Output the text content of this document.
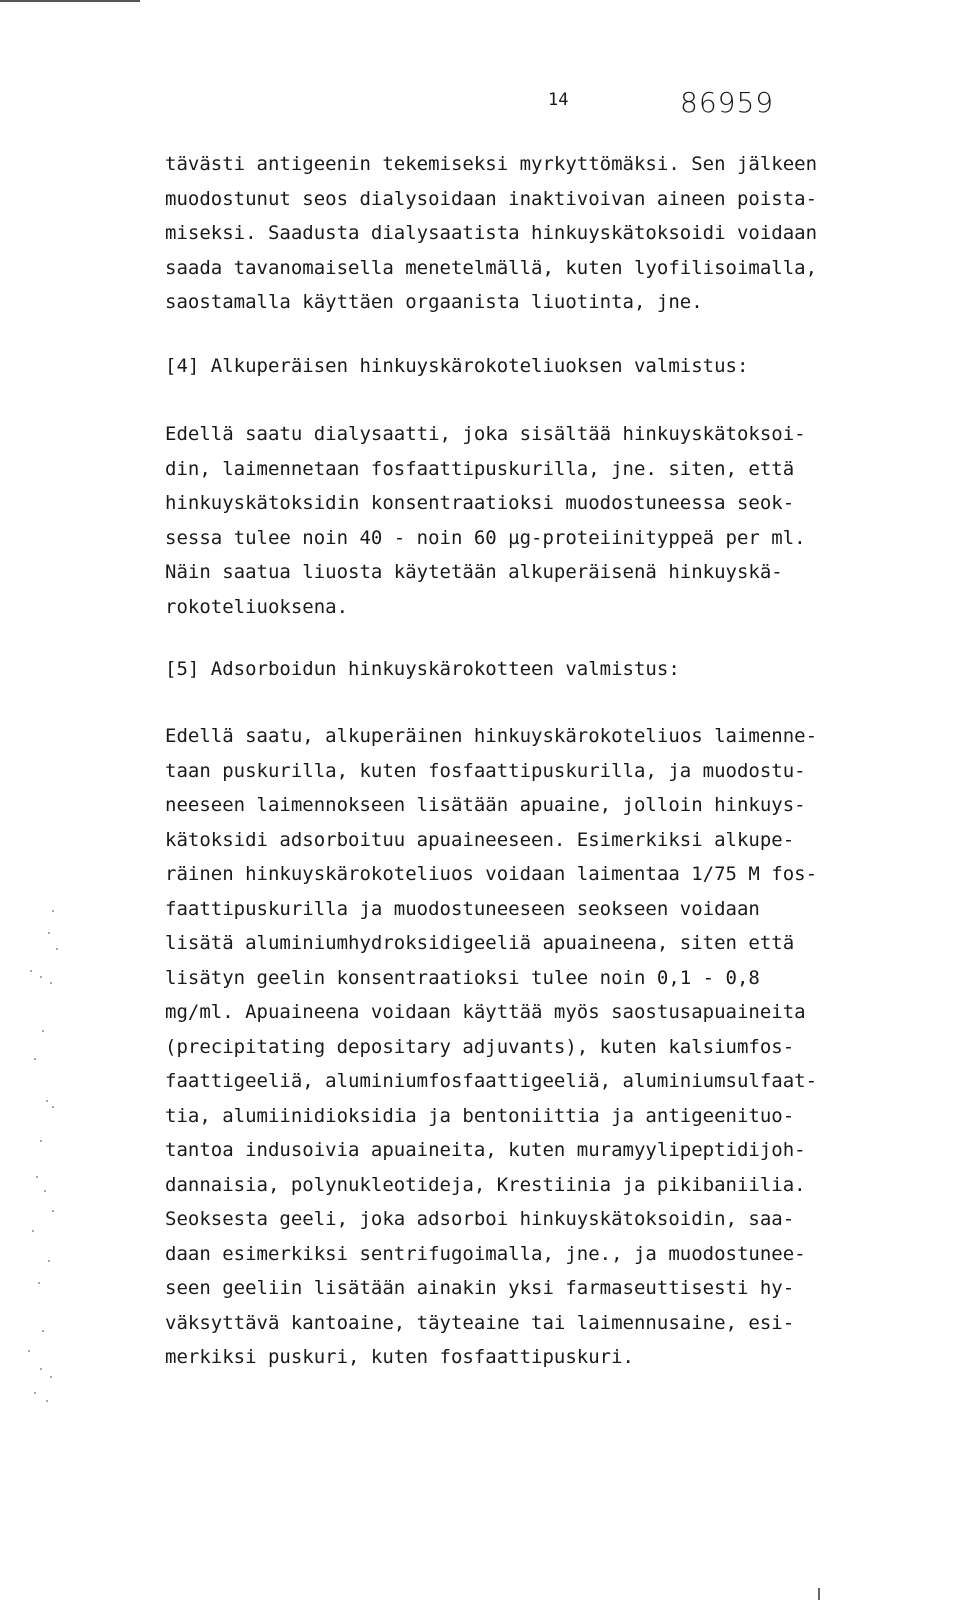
14	86959

tävästi antigeenin tekemiseksi myrkyttömäksi. Sen jälkeen
muodostunut seos dialysoidaan inaktivoivan aineen poista-
miseksi. Saadusta dialysaatista hinkuyskätoksoidi voidaan
saada tavanomaisella menetelmällä, kuten lyofilisoimalla,
saostamalla käyttäen orgaanista liuotinta, jne.

[4] Alkuperäisen hinkuyskärokoteliuoksen valmistus:

Edellä saatu dialysaatti, joka sisältää hinkuyskätoksoi-
din, laimennetaan fosfaattipuskurilla, jne. siten, että
hinkuyskätoksidin konsentraatioksi muodostuneessa seok-
sessa tulee noin 40 - noin 60 µg-proteiinityppeä per ml.
Näin saatua liuosta käytetään alkuperäisenä hinkuyskä-
rokoteliuoksena.

[5] Adsorboidun hinkuyskärokotteen valmistus:

Edellä saatu, alkuperäinen hinkuyskärokoteliuos laimenne-
taan puskurilla, kuten fosfaattipuskurilla, ja muodostu-
neeseen laimennokseen lisätään apuaine, jolloin hinkuys-
kätoksidi adsorboituu apuaineeseen. Esimerkiksi alkupe-
räinen hinkuyskärokoteliuos voidaan laimentaa 1/75 M fos-
faattipuskurilla ja muodostuneeseen seokseen voidaan
lisätä aluminiumhydroksidigeeliä apuaineena, siten että
lisätyn geelin konsentraatioksi tulee noin 0,1 - 0,8
mg/ml. Apuaineena voidaan käyttää myös saostusapuaineita
(precipitating depositary adjuvants), kuten kalsiumfos-
faattigeeliä, aluminiumfosfaattigeeliä, aluminiumsulfaat-
tia, alumiinidioksidia ja bentoniittia ja antigeenituo-
tantoa indusoivia apuaineita, kuten muramyylipeptidijoh-
dannaisia, polynukleotideja, Krestiinia ja pikibaniilia.
Seoksesta geeli, joka adsorboi hinkuyskätoksoidin, saa-
daan esimerkiksi sentrifugoimalla, jne., ja muodostunee-
seen geeliin lisätään ainakin yksi farmaseuttisesti hy-
väksyttävä kantoaine, täyteaine tai laimennusaine, esi-
merkiksi puskuri, kuten fosfaattipuskuri.
